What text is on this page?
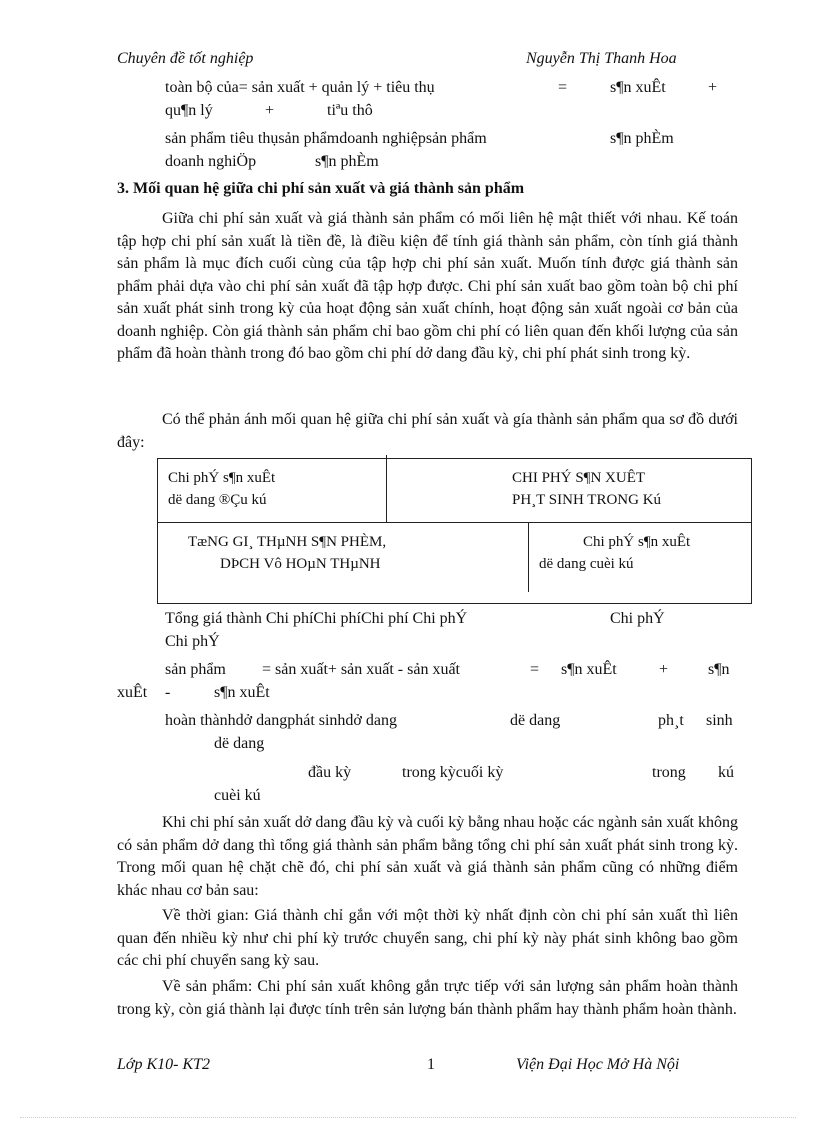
Chuyên đề tốt nghiệp	Nguyễn Thị Thanh Hoa
toàn bộ của= sản xuất + quản lý + tiêu thụ	=	s¶n xuÊt	+
qu¶n lý	+	tiªu thô
sản phẩm tiêu thụsản phẩmdoanh nghiệpsản phẩm	s¶n phÈm
doanh nghiÖp	s¶n phÈm
3. Mối quan hệ giữa chi phí sản xuất và giá thành sản phẩm
Giữa chi phí sản xuất và giá thành sản phẩm có mối liên hệ mật thiết với nhau. Kế toán tập hợp chi phí sản xuất là tiền đề, là điều kiện để tính giá thành sản phẩm, còn tính giá thành sản phẩm là mục đích cuối cùng của tập hợp chi phí sản xuất. Muốn tính được giá thành sản phẩm phải dựa vào chi phí sản xuất đã tập hợp được. Chi phí sản xuất bao gồm toàn bộ chi phí sản xuất phát sinh trong kỳ của hoạt động sản xuất chính, hoạt động sản xuất ngoài cơ bản của doanh nghiệp. Còn giá thành sản phẩm chỉ bao gồm chi phí có liên quan đến khối lượng của sản phẩm đã hoàn thành trong đó bao gồm chi phí dở dang đầu kỳ, chi phí phát sinh trong kỳ.
Có thể phản ánh mối quan hệ giữa chi phí sản xuất và gía thành sản phẩm qua sơ đồ dưới đây:
Chi phÝ s¶n xuÊt
dë dang ®Çu kú
CHI PHÝ S¶N XUÊT
PH¸T SINH TRONG Kú
TæNG GI¸ THµNH S¶N PHÈM,
DÞCH Vô HOµN THµNH
Chi phÝ s¶n xuÊt
dë dang cuèi kú
Tổng giá thành Chi phíChi phíChi phí Chi phÝ	Chi phÝ
Chi phÝ
sản phẩm = sản xuất+ sản xuất - sản xuất	= s¶n xuÊt	+ s¶n
xuÊt -	s¶n xuÊt
hoàn thànhdở dangphát sinhdở dang	dë dang	ph¸t sinh
dë dang
đầu kỳ	trong kỳcuối kỳ	trong kú
cuèi kú
Khi chi phí sản xuất dở dang đầu kỳ và cuối kỳ bằng nhau hoặc các ngành sản xuất không có sản phẩm dở dang thì tổng giá thành sản phẩm bằng tổng chi phí sản xuất phát sinh trong kỳ. Trong mối quan hệ chặt chẽ đó, chi phí sản xuất và giá thành sản phẩm cũng có những điểm khác nhau cơ bản sau:
Về thời gian: Giá thành chỉ gắn với một thời kỳ nhất định còn chi phí sản xuất thì liên quan đến nhiều kỳ như chi phí kỳ trước chuyển sang, chi phí kỳ này phát sinh không bao gồm các chi phí chuyển sang kỳ sau.
Về sản phẩm: Chi phí sản xuất không gắn trực tiếp với sản lượng sản phẩm hoàn thành trong kỳ, còn giá thành lại được tính trên sản lượng bán thành phẩm hay thành phẩm hoàn thành.
Lớp K10- KT2	1	Viện Đại Học Mở Hà Nội
